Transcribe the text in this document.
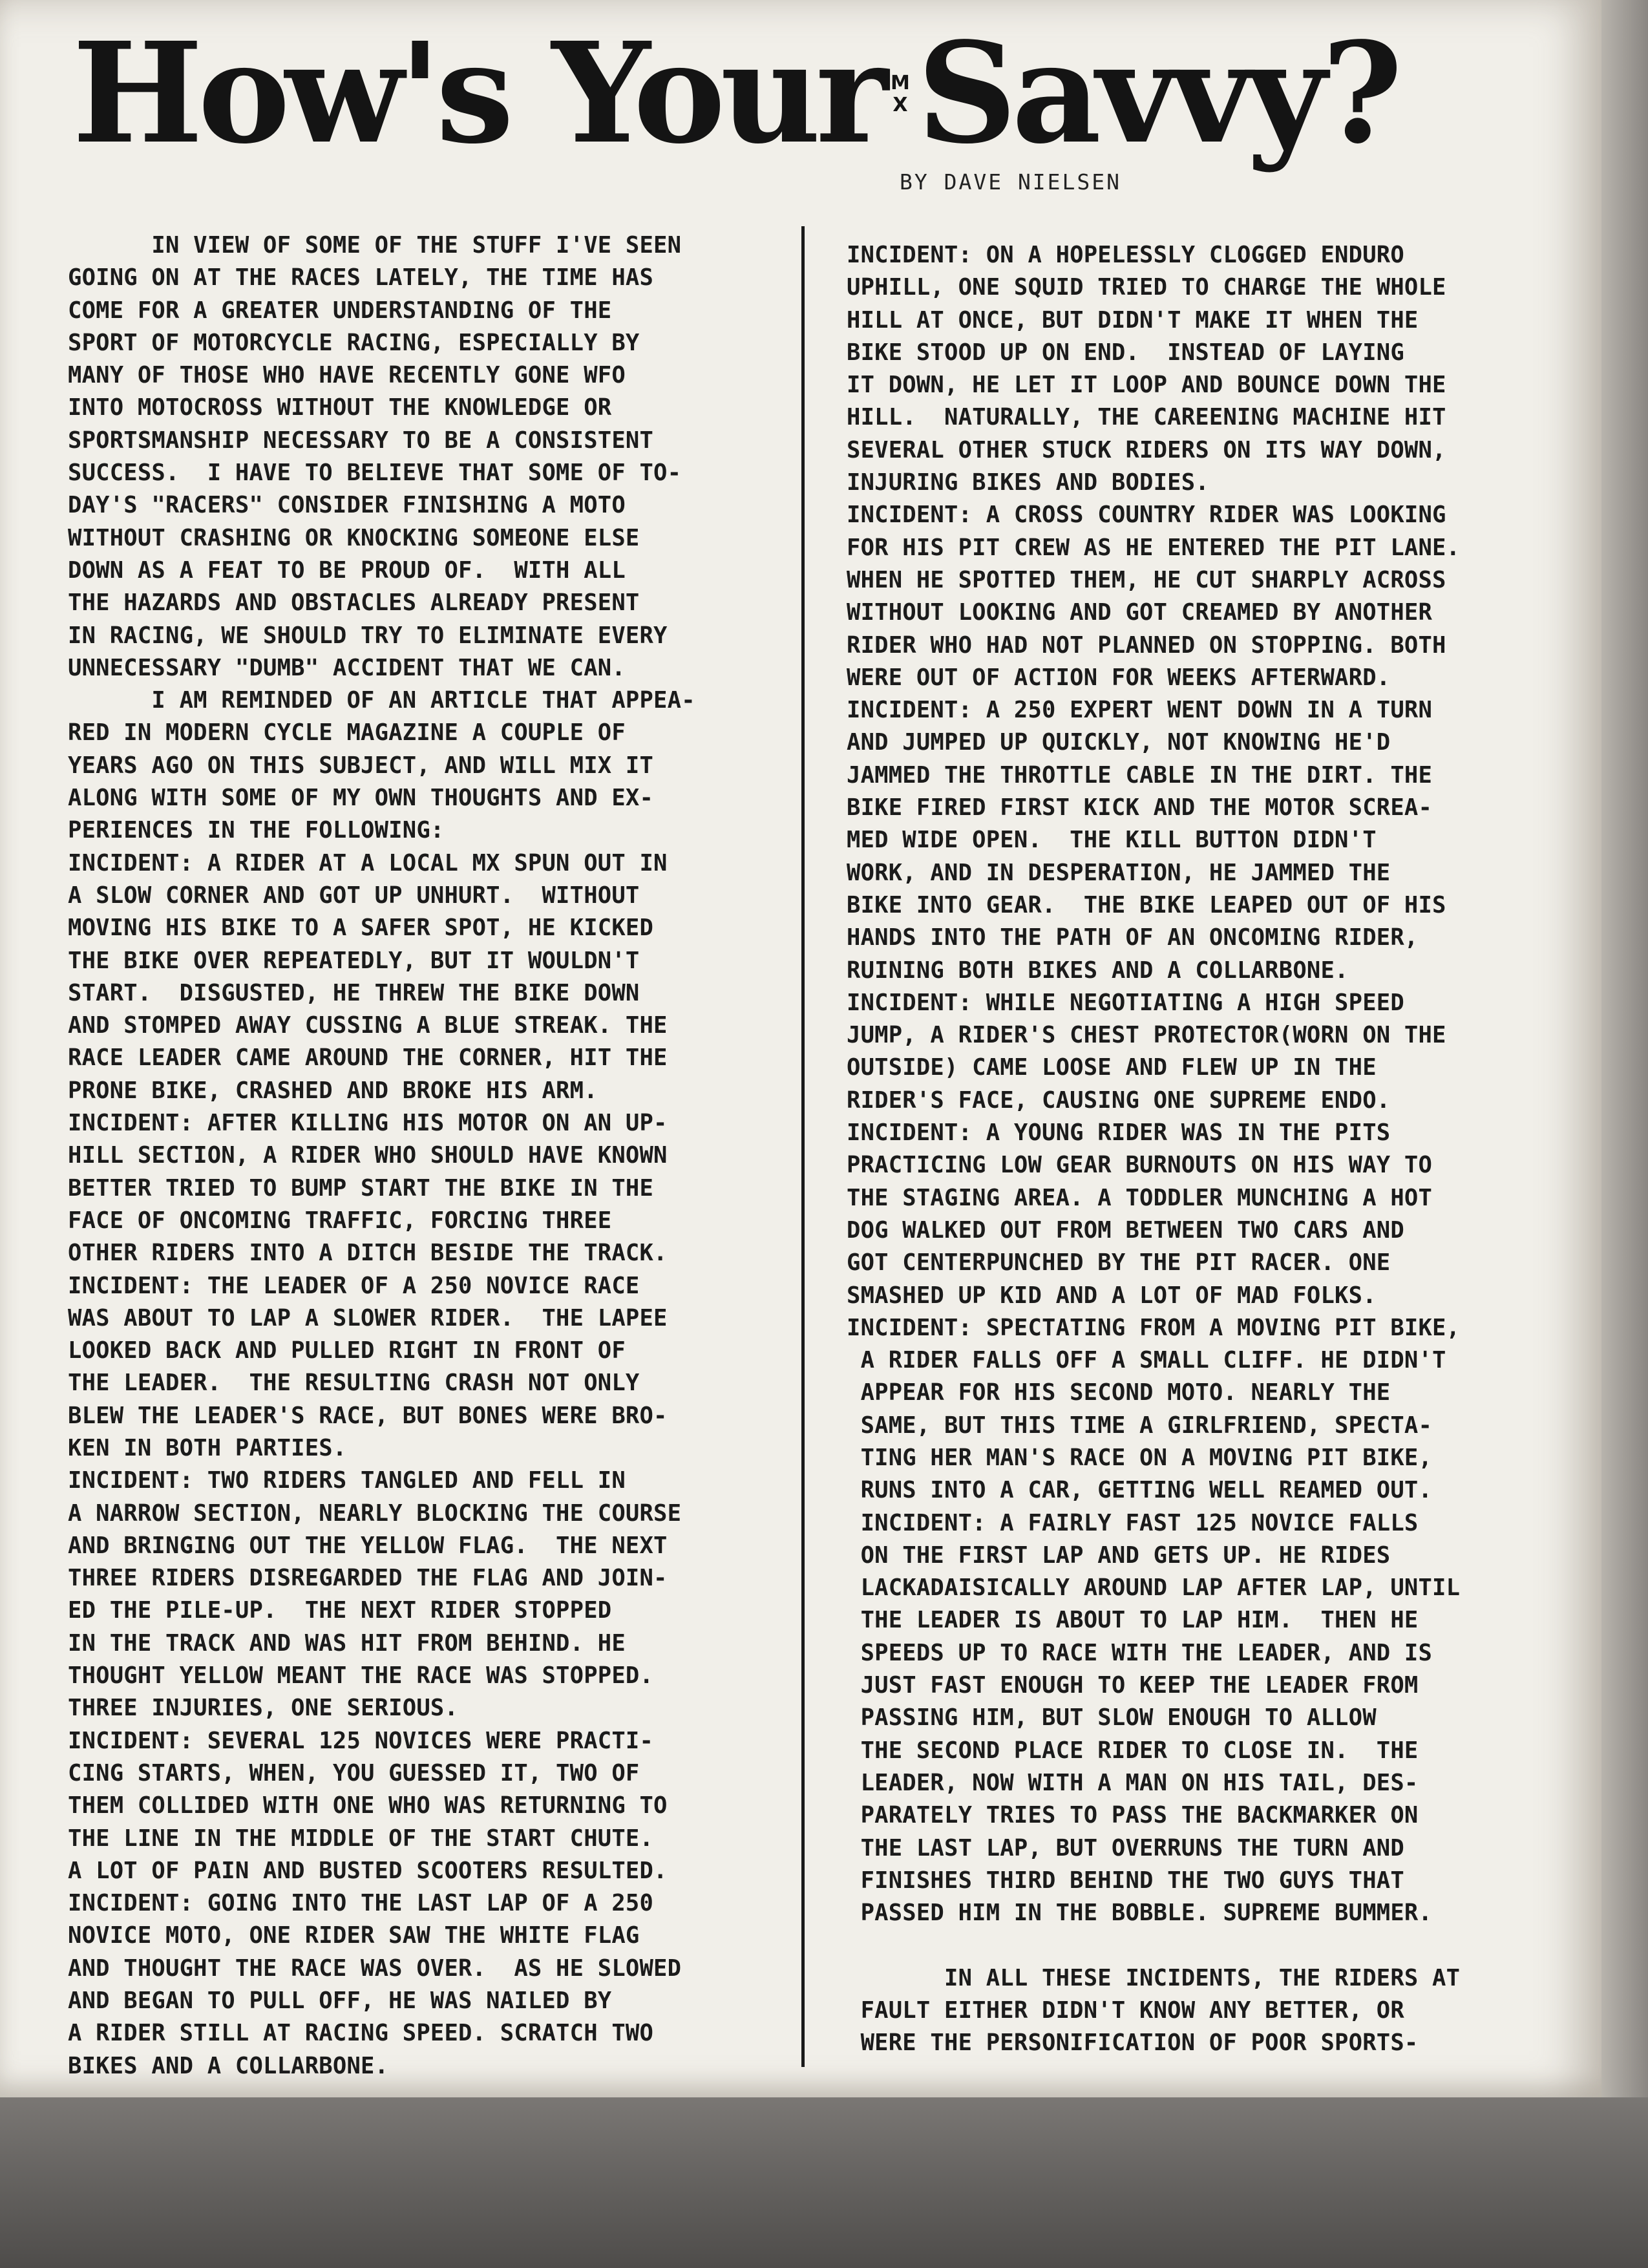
How's Your M
XSavvy?
BY DAVE NIELSEN
IN VIEW OF SOME OF THE STUFF I'VE SEEN
GOING ON AT THE RACES LATELY, THE TIME HAS
COME FOR A GREATER UNDERSTANDING OF THE
SPORT OF MOTORCYCLE RACING, ESPECIALLY BY
MANY OF THOSE WHO HAVE RECENTLY GONE WFO
INTO MOTOCROSS WITHOUT THE KNOWLEDGE OR
SPORTSMANSHIP NECESSARY TO BE A CONSISTENT
SUCCESS.  I HAVE TO BELIEVE THAT SOME OF TO-
DAY'S "RACERS" CONSIDER FINISHING A MOTO
WITHOUT CRASHING OR KNOCKING SOMEONE ELSE
DOWN AS A FEAT TO BE PROUD OF.  WITH ALL
THE HAZARDS AND OBSTACLES ALREADY PRESENT
IN RACING, WE SHOULD TRY TO ELIMINATE EVERY
UNNECESSARY "DUMB" ACCIDENT THAT WE CAN.
I AM REMINDED OF AN ARTICLE THAT APPEA-
RED IN MODERN CYCLE MAGAZINE A COUPLE OF
YEARS AGO ON THIS SUBJECT, AND WILL MIX IT
ALONG WITH SOME OF MY OWN THOUGHTS AND EX-
PERIENCES IN THE FOLLOWING:
INCIDENT: A RIDER AT A LOCAL MX SPUN OUT IN
A SLOW CORNER AND GOT UP UNHURT.  WITHOUT
MOVING HIS BIKE TO A SAFER SPOT, HE KICKED
THE BIKE OVER REPEATEDLY, BUT IT WOULDN'T
START.  DISGUSTED, HE THREW THE BIKE DOWN
AND STOMPED AWAY CUSSING A BLUE STREAK. THE
RACE LEADER CAME AROUND THE CORNER, HIT THE
PRONE BIKE, CRASHED AND BROKE HIS ARM.
INCIDENT: AFTER KILLING HIS MOTOR ON AN UP-
HILL SECTION, A RIDER WHO SHOULD HAVE KNOWN
BETTER TRIED TO BUMP START THE BIKE IN THE
FACE OF ONCOMING TRAFFIC, FORCING THREE
OTHER RIDERS INTO A DITCH BESIDE THE TRACK.
INCIDENT: THE LEADER OF A 250 NOVICE RACE
WAS ABOUT TO LAP A SLOWER RIDER.  THE LAPEE
LOOKED BACK AND PULLED RIGHT IN FRONT OF
THE LEADER.  THE RESULTING CRASH NOT ONLY
BLEW THE LEADER'S RACE, BUT BONES WERE BRO-
KEN IN BOTH PARTIES.
INCIDENT: TWO RIDERS TANGLED AND FELL IN
A NARROW SECTION, NEARLY BLOCKING THE COURSE
AND BRINGING OUT THE YELLOW FLAG.  THE NEXT
THREE RIDERS DISREGARDED THE FLAG AND JOIN-
ED THE PILE-UP.  THE NEXT RIDER STOPPED
IN THE TRACK AND WAS HIT FROM BEHIND. HE
THOUGHT YELLOW MEANT THE RACE WAS STOPPED.
THREE INJURIES, ONE SERIOUS.
INCIDENT: SEVERAL 125 NOVICES WERE PRACTI-
CING STARTS, WHEN, YOU GUESSED IT, TWO OF
THEM COLLIDED WITH ONE WHO WAS RETURNING TO
THE LINE IN THE MIDDLE OF THE START CHUTE.
A LOT OF PAIN AND BUSTED SCOOTERS RESULTED.
INCIDENT: GOING INTO THE LAST LAP OF A 250
NOVICE MOTO, ONE RIDER SAW THE WHITE FLAG
AND THOUGHT THE RACE WAS OVER.  AS HE SLOWED
AND BEGAN TO PULL OFF, HE WAS NAILED BY
A RIDER STILL AT RACING SPEED. SCRATCH TWO
BIKES AND A COLLARBONE.
INCIDENT: ON A HOPELESSLY CLOGGED ENDURO
UPHILL, ONE SQUID TRIED TO CHARGE THE WHOLE
HILL AT ONCE, BUT DIDN'T MAKE IT WHEN THE
BIKE STOOD UP ON END.  INSTEAD OF LAYING
IT DOWN, HE LET IT LOOP AND BOUNCE DOWN THE
HILL.  NATURALLY, THE CAREENING MACHINE HIT
SEVERAL OTHER STUCK RIDERS ON ITS WAY DOWN,
INJURING BIKES AND BODIES.
INCIDENT: A CROSS COUNTRY RIDER WAS LOOKING
FOR HIS PIT CREW AS HE ENTERED THE PIT LANE.
WHEN HE SPOTTED THEM, HE CUT SHARPLY ACROSS
WITHOUT LOOKING AND GOT CREAMED BY ANOTHER
RIDER WHO HAD NOT PLANNED ON STOPPING. BOTH
WERE OUT OF ACTION FOR WEEKS AFTERWARD.
INCIDENT: A 250 EXPERT WENT DOWN IN A TURN
AND JUMPED UP QUICKLY, NOT KNOWING HE'D
JAMMED THE THROTTLE CABLE IN THE DIRT. THE
BIKE FIRED FIRST KICK AND THE MOTOR SCREA-
MED WIDE OPEN.  THE KILL BUTTON DIDN'T
WORK, AND IN DESPERATION, HE JAMMED THE
BIKE INTO GEAR.  THE BIKE LEAPED OUT OF HIS
HANDS INTO THE PATH OF AN ONCOMING RIDER,
RUINING BOTH BIKES AND A COLLARBONE.
INCIDENT: WHILE NEGOTIATING A HIGH SPEED
JUMP, A RIDER'S CHEST PROTECTOR(WORN ON THE
OUTSIDE) CAME LOOSE AND FLEW UP IN THE
RIDER'S FACE, CAUSING ONE SUPREME ENDO.
INCIDENT: A YOUNG RIDER WAS IN THE PITS
PRACTICING LOW GEAR BURNOUTS ON HIS WAY TO
THE STAGING AREA. A TODDLER MUNCHING A HOT
DOG WALKED OUT FROM BETWEEN TWO CARS AND
GOT CENTERPUNCHED BY THE PIT RACER. ONE
SMASHED UP KID AND A LOT OF MAD FOLKS.
INCIDENT: SPECTATING FROM A MOVING PIT BIKE,
A RIDER FALLS OFF A SMALL CLIFF. HE DIDN'T
APPEAR FOR HIS SECOND MOTO. NEARLY THE
SAME, BUT THIS TIME A GIRLFRIEND, SPECTA-
TING HER MAN'S RACE ON A MOVING PIT BIKE,
RUNS INTO A CAR, GETTING WELL REAMED OUT.
INCIDENT: A FAIRLY FAST 125 NOVICE FALLS
ON THE FIRST LAP AND GETS UP. HE RIDES
LACKADAISICALLY AROUND LAP AFTER LAP, UNTIL
THE LEADER IS ABOUT TO LAP HIM.  THEN HE
SPEEDS UP TO RACE WITH THE LEADER, AND IS
JUST FAST ENOUGH TO KEEP THE LEADER FROM
PASSING HIM, BUT SLOW ENOUGH TO ALLOW
THE SECOND PLACE RIDER TO CLOSE IN.  THE
LEADER, NOW WITH A MAN ON HIS TAIL, DES-
PARATELY TRIES TO PASS THE BACKMARKER ON
THE LAST LAP, BUT OVERRUNS THE TURN AND
FINISHES THIRD BEHIND THE TWO GUYS THAT
PASSED HIM IN THE BOBBLE. SUPREME BUMMER.
IN ALL THESE INCIDENTS, THE RIDERS AT
FAULT EITHER DIDN'T KNOW ANY BETTER, OR
WERE THE PERSONIFICATION OF POOR SPORTS-
